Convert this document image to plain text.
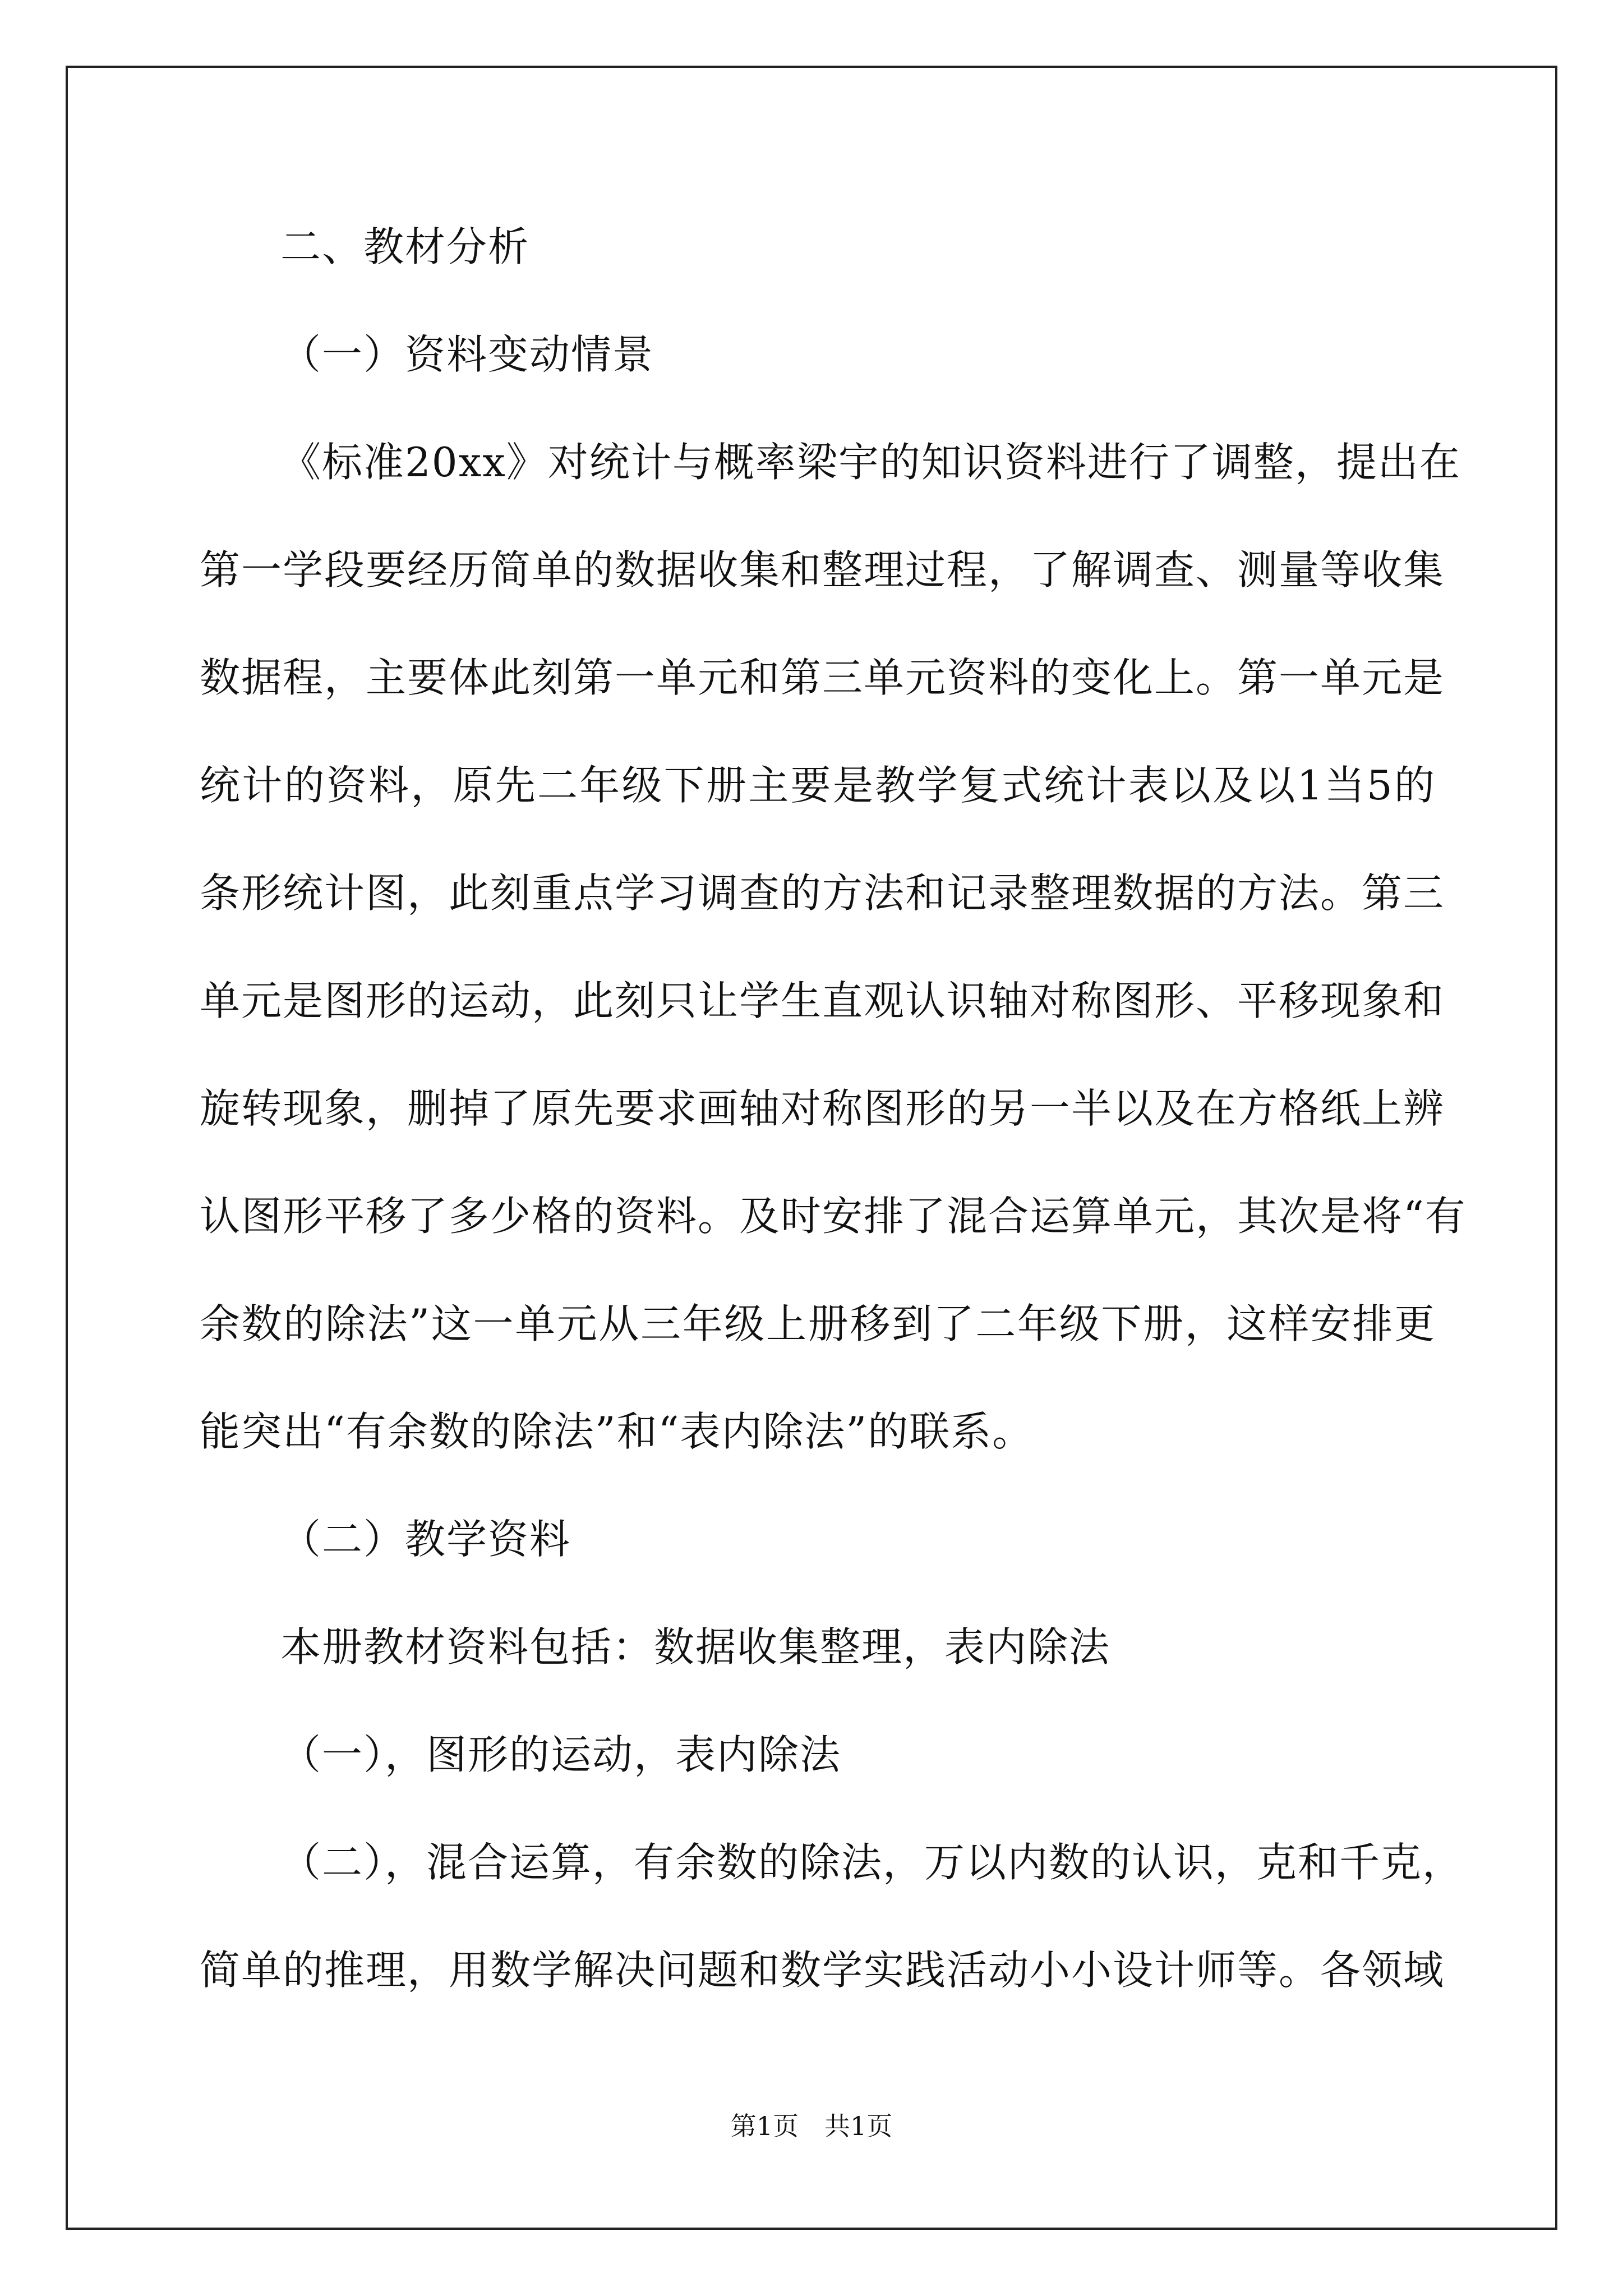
二、教材分析

（一）资料变动情景

《标准20xx》对统计与概率梁宇的知识资料进行了调整，提出在

第一学段要经历简单的数据收集和整理过程，了解调查、测量等收集

数据程，主要体此刻第一单元和第三单元资料的变化上。第一单元是

统计的资料，原先二年级下册主要是教学复式统计表以及以1当5的

条形统计图，此刻重点学习调查的方法和记录整理数据的方法。第三

单元是图形的运动，此刻只让学生直观认识轴对称图形、平移现象和

旋转现象，删掉了原先要求画轴对称图形的另一半以及在方格纸上辨

认图形平移了多少格的资料。及时安排了混合运算单元，其次是将“有

余数的除法”这一单元从三年级上册移到了二年级下册，这样安排更

能突出“有余数的除法”和“表内除法”的联系。

（二）教学资料

本册教材资料包括：数据收集整理，表内除法

（一），图形的运动，表内除法

（二），混合运算，有余数的除法，万以内数的认识，克和千克，

简单的推理，用数学解决问题和数学实践活动小小设计师等。各领域

第1页　共1页
